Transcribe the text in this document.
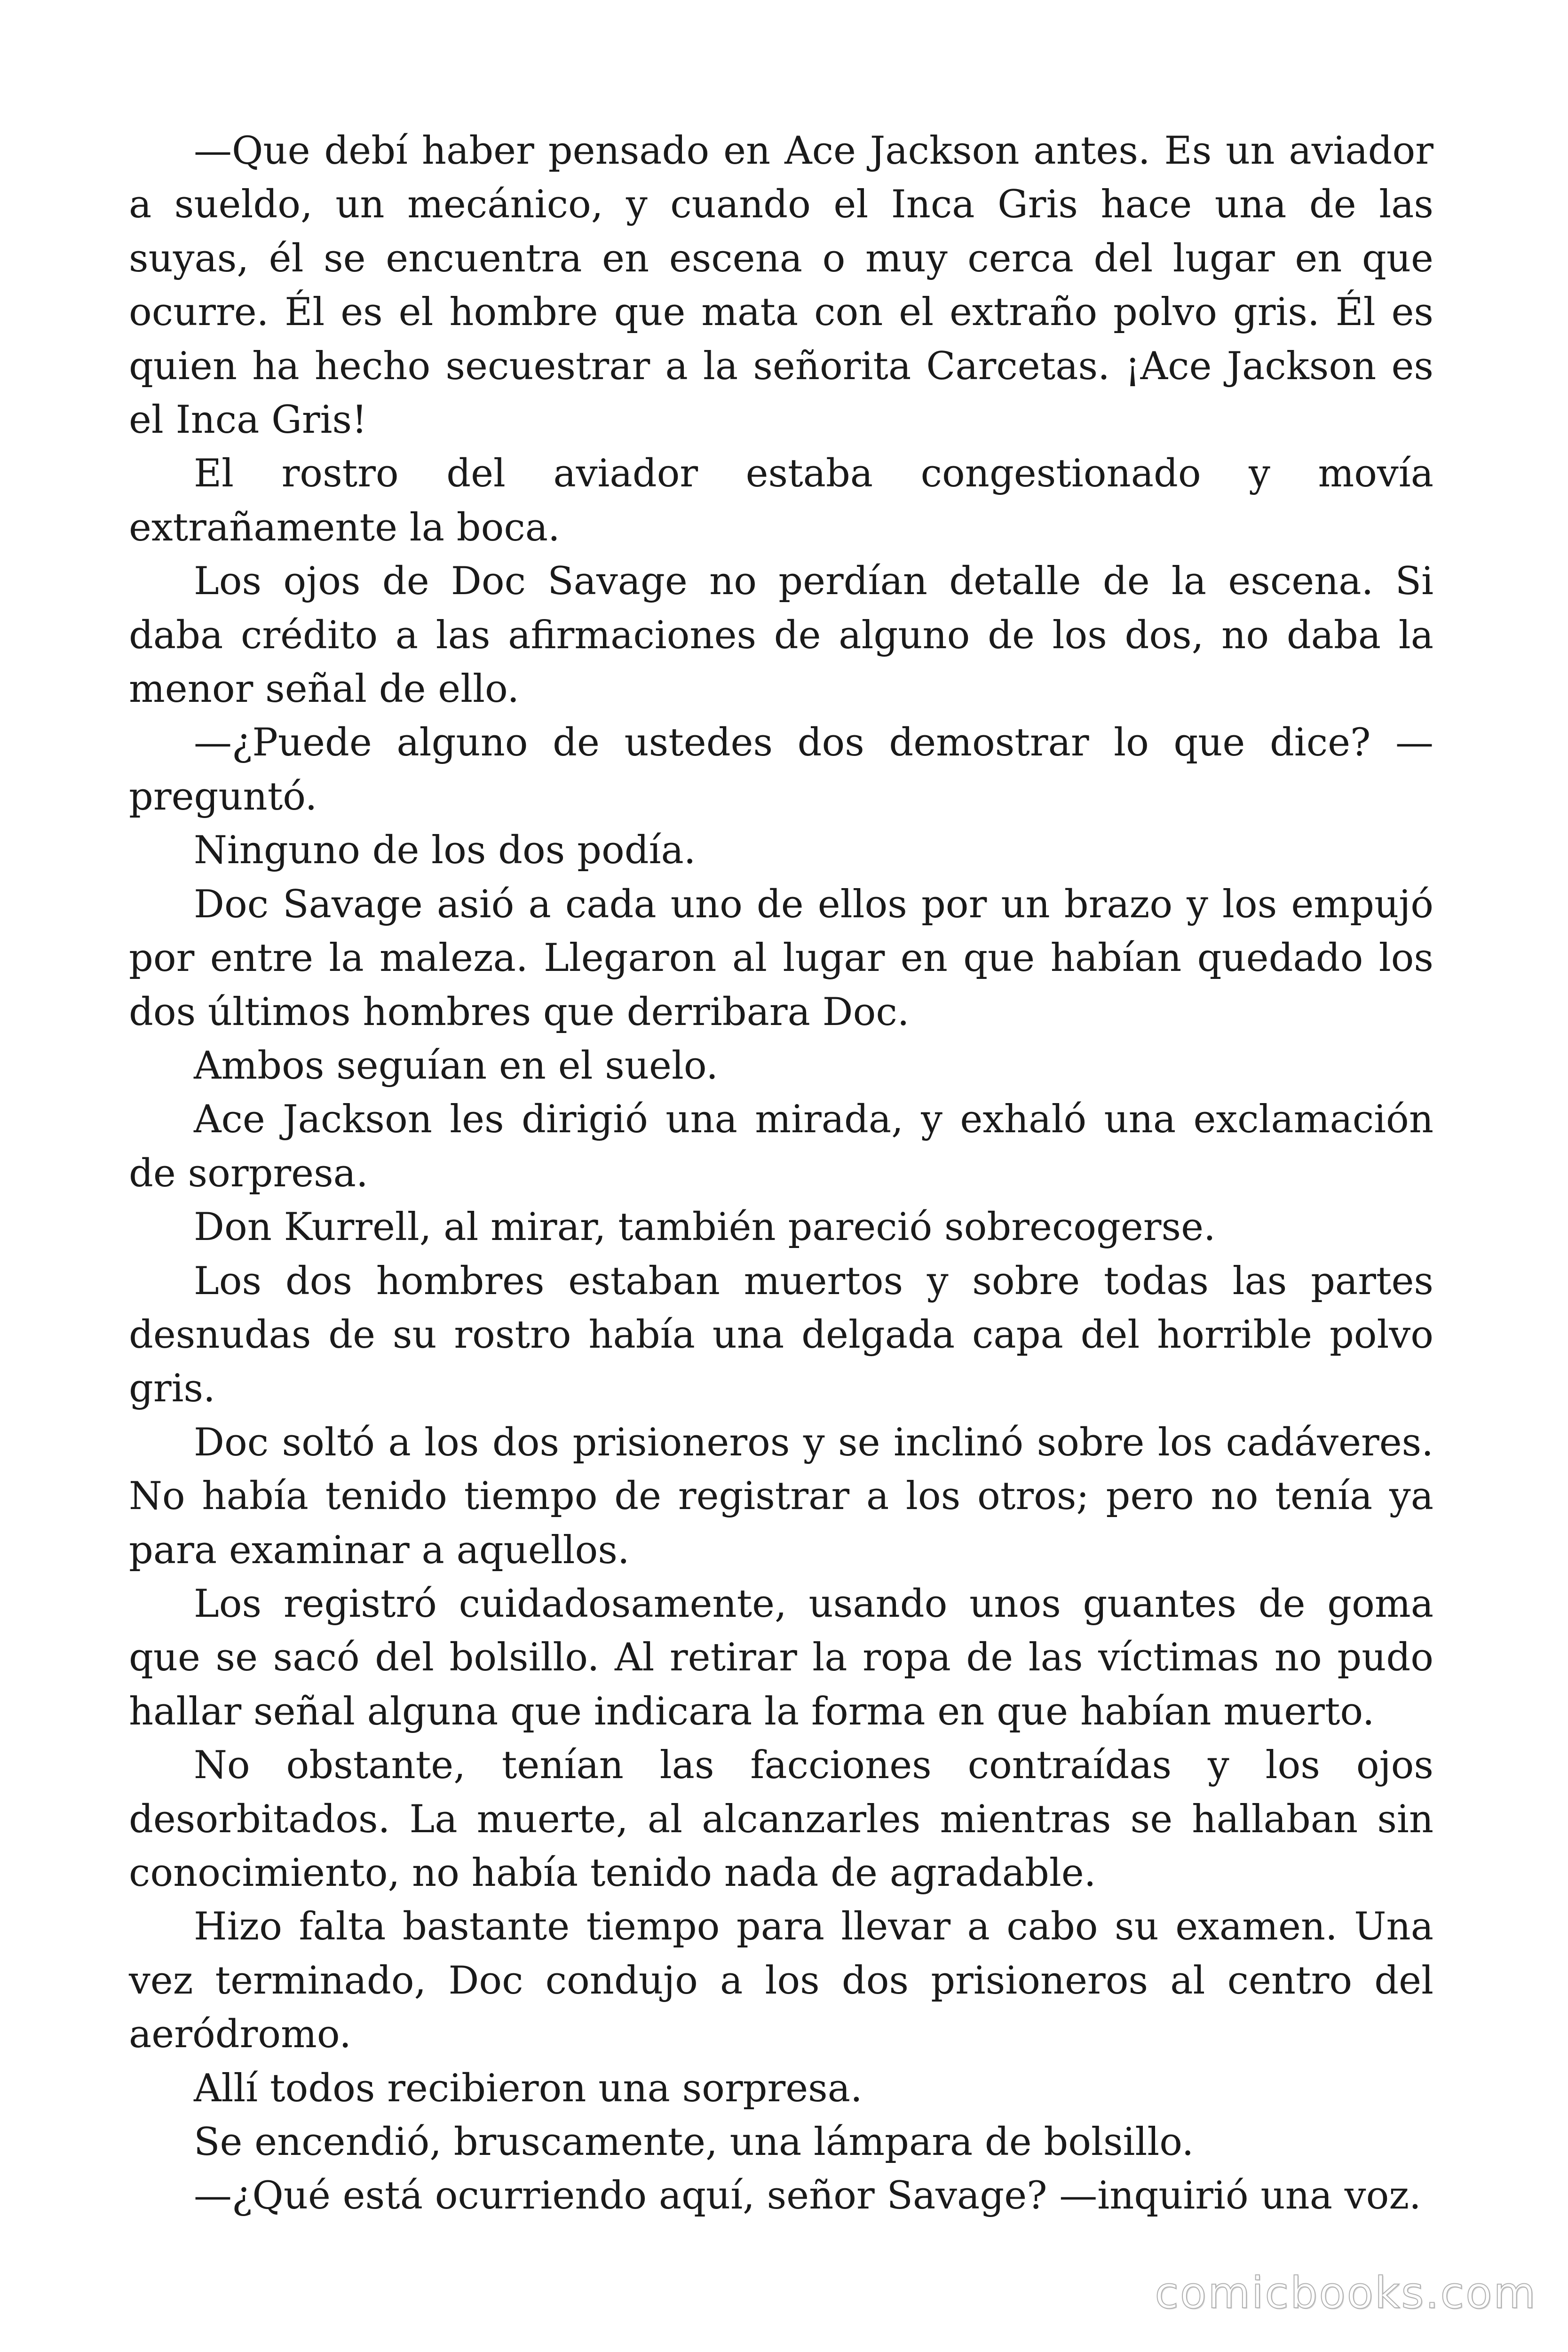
—Que debí haber pensado en Ace Jackson antes. Es un aviador a sueldo, un mecánico, y cuando el Inca Gris hace una de las suyas, él se encuentra en escena o muy cerca del lugar en que ocurre. Él es el hombre que mata con el extraño polvo gris. Él es quien ha hecho secuestrar a la señorita Carcetas. ¡Ace Jackson es el Inca Gris!

El rostro del aviador estaba congestionado y movía extrañamente la boca.

Los ojos de Doc Savage no perdían detalle de la escena. Si daba crédito a las afirmaciones de alguno de los dos, no daba la menor señal de ello.

—¿Puede alguno de ustedes dos demostrar lo que dice? —preguntó.

Ninguno de los dos podía.

Doc Savage asió a cada uno de ellos por un brazo y los empujó por entre la maleza. Llegaron al lugar en que habían quedado los dos últimos hombres que derribara Doc.

Ambos seguían en el suelo.

Ace Jackson les dirigió una mirada, y exhaló una exclamación de sorpresa.

Don Kurrell, al mirar, también pareció sobrecogerse.

Los dos hombres estaban muertos y sobre todas las partes desnudas de su rostro había una delgada capa del horrible polvo gris.

Doc soltó a los dos prisioneros y se inclinó sobre los cadáveres. No había tenido tiempo de registrar a los otros; pero no tenía ya para examinar a aquellos.

Los registró cuidadosamente, usando unos guantes de goma que se sacó del bolsillo. Al retirar la ropa de las víctimas no pudo hallar señal alguna que indicara la forma en que habían muerto.

No obstante, tenían las facciones contraídas y los ojos desorbitados. La muerte, al alcanzarles mientras se hallaban sin conocimiento, no había tenido nada de agradable.

Hizo falta bastante tiempo para llevar a cabo su examen. Una vez terminado, Doc condujo a los dos prisioneros al centro del aeródromo.

Allí todos recibieron una sorpresa.

Se encendió, bruscamente, una lámpara de bolsillo.

—¿Qué está ocurriendo aquí, señor Savage? —inquirió una voz.

comicbooks.com
